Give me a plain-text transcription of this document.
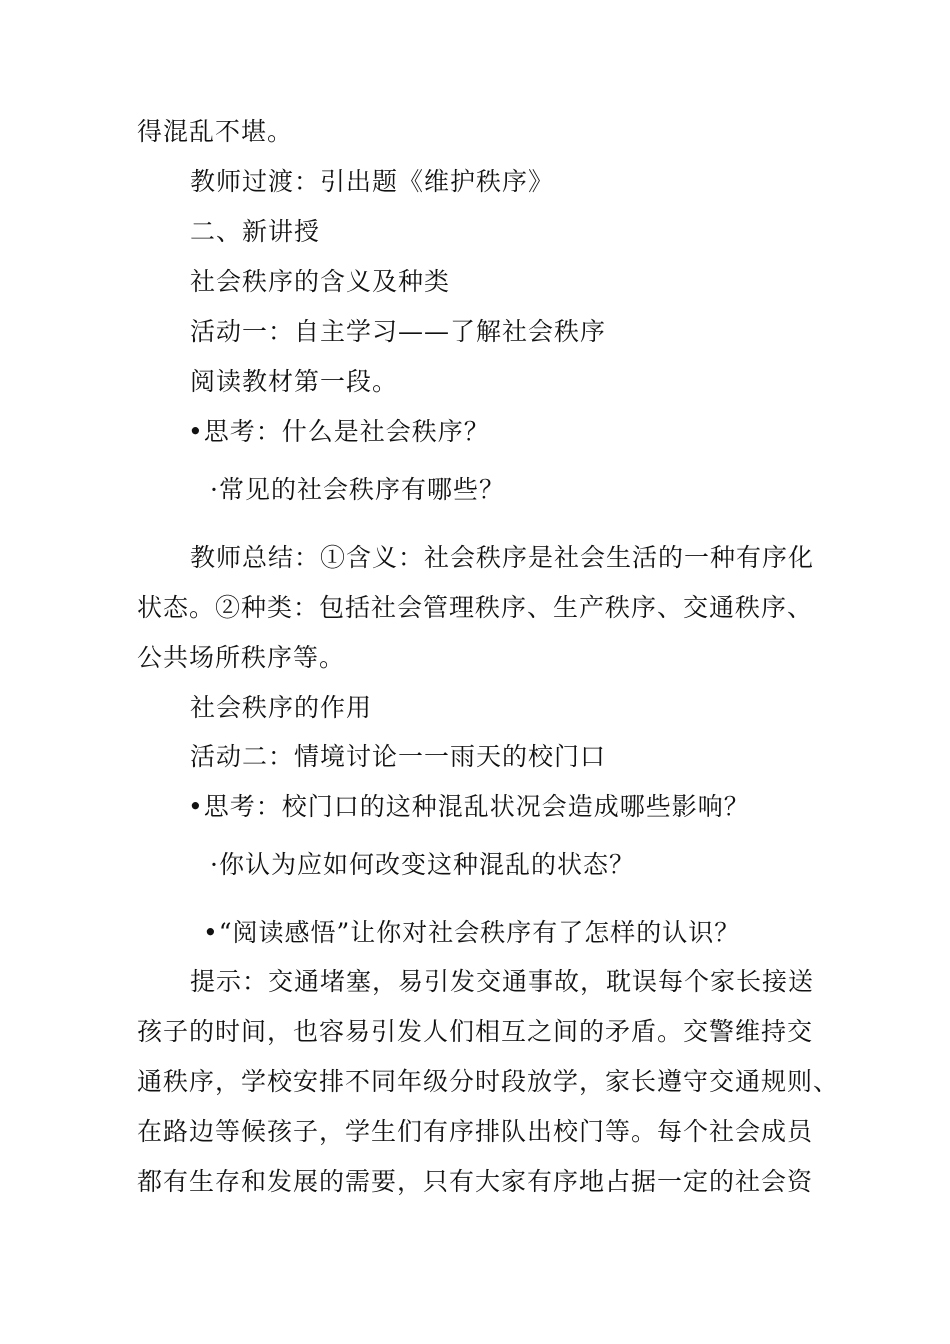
得混乱不堪。
教师过渡：引出题《维护秩序》
二、新讲授
社会秩序的含义及种类
活动一：自主学习——了解社会秩序
阅读教材第一段。
•思考：什么是社会秩序？
·常见的社会秩序有哪些？
教师总结：①含义：社会秩序是社会生活的一种有序化
状态。②种类：包括社会管理秩序、生产秩序、交通秩序、
公共场所秩序等。
社会秩序的作用
活动二：情境讨论一一雨天的校门口
•思考：校门口的这种混乱状况会造成哪些影响？
·你认为应如何改变这种混乱的状态？
•“阅读感悟”让你对社会秩序有了怎样的认识？
提示：交通堵塞，易引发交通事故，耽误每个家长接送
孩子的时间，也容易引发人们相互之间的矛盾。交警维持交
通秩序，学校安排不同年级分时段放学，家长遵守交通规则、
在路边等候孩子，学生们有序排队出校门等。每个社会成员
都有生存和发展的需要，只有大家有序地占据一定的社会资
